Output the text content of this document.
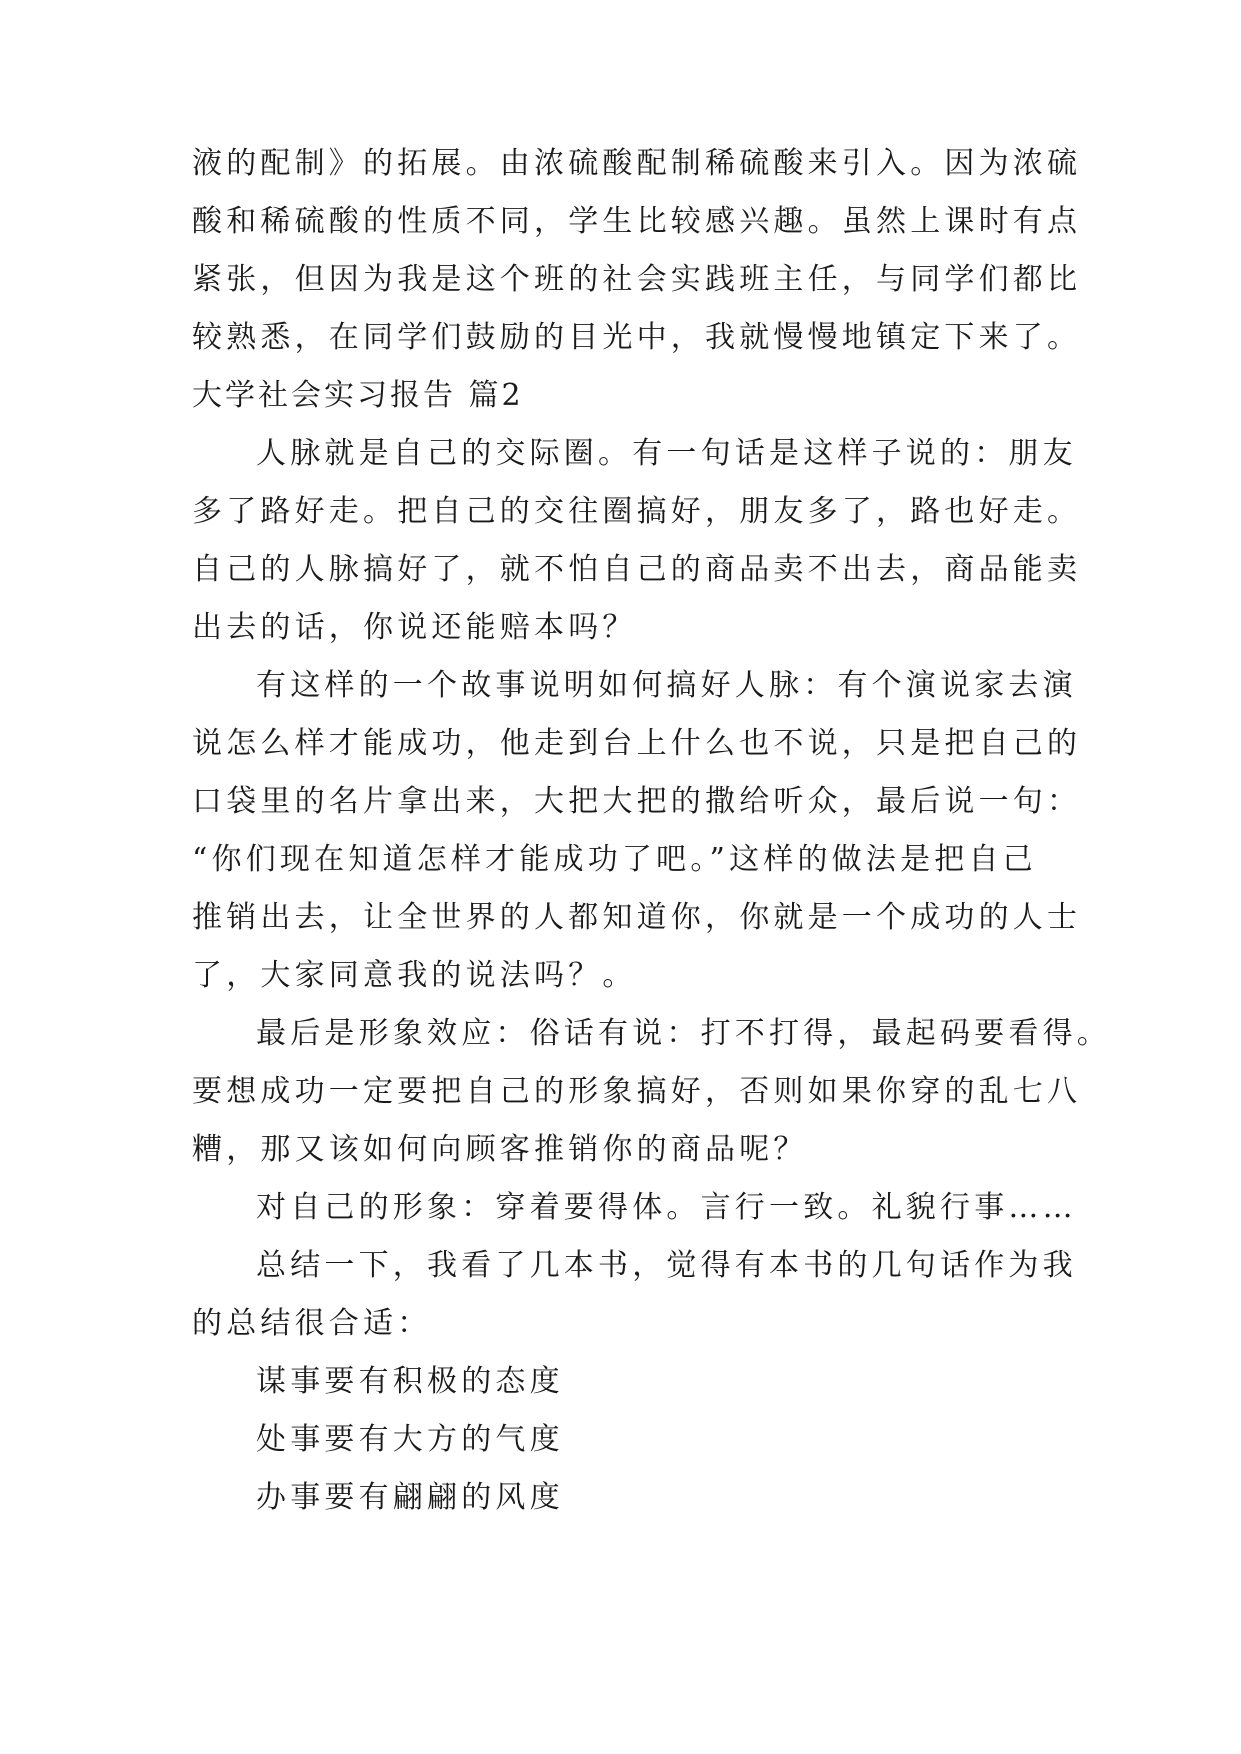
液的配制》的拓展。由浓硫酸配制稀硫酸来引入。因为浓硫
酸和稀硫酸的性质不同，学生比较感兴趣。虽然上课时有点
紧张，但因为我是这个班的社会实践班主任，与同学们都比
较熟悉，在同学们鼓励的目光中，我就慢慢地镇定下来了。
大学社会实习报告 篇2
人脉就是自己的交际圈。有一句话是这样子说的：朋友
多了路好走。把自己的交往圈搞好，朋友多了，路也好走。
自己的人脉搞好了，就不怕自己的商品卖不出去，商品能卖
出去的话，你说还能赔本吗？
有这样的一个故事说明如何搞好人脉：有个演说家去演
说怎么样才能成功，他走到台上什么也不说，只是把自己的
口袋里的名片拿出来，大把大把的撒给听众，最后说一句：
“你们现在知道怎样才能成功了吧。”这样的做法是把自己
推销出去，让全世界的人都知道你，你就是一个成功的人士
了，大家同意我的说法吗？。
最后是形象效应：俗话有说：打不打得，最起码要看得。
要想成功一定要把自己的形象搞好，否则如果你穿的乱七八
糟，那又该如何向顾客推销你的商品呢？
对自己的形象：穿着要得体。言行一致。礼貌行事……
总结一下，我看了几本书，觉得有本书的几句话作为我
的总结很合适：
谋事要有积极的态度
处事要有大方的气度
办事要有翩翩的风度
